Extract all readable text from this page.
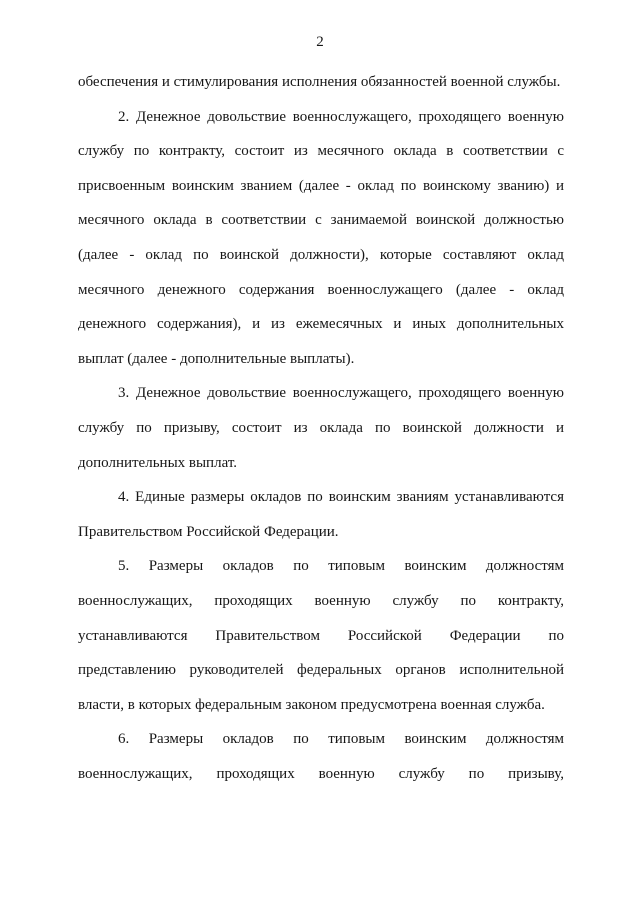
2
обеспечения и стимулирования исполнения обязанностей военной службы.
2. Денежное довольствие военнослужащего, проходящего военную
службу по контракту, состоит из месячного оклада в соответствии с
присвоенным воинским званием (далее - оклад по воинскому званию) и
месячного оклада в соответствии с занимаемой воинской должностью
(далее - оклад по воинской должности), которые составляют оклад
месячного денежного содержания военнослужащего (далее - оклад
денежного содержания), и из ежемесячных и иных дополнительных
выплат (далее - дополнительные выплаты).
3. Денежное довольствие военнослужащего, проходящего военную
службу по призыву, состоит из оклада по воинской должности и
дополнительных выплат.
4. Единые размеры окладов по воинским званиям устанавливаются
Правительством Российской Федерации.
5. Размеры окладов по типовым воинским должностям
военнослужащих, проходящих военную службу по контракту,
устанавливаются Правительством Российской Федерации по
представлению руководителей федеральных органов исполнительной
власти, в которых федеральным законом предусмотрена военная служба.
6. Размеры окладов по типовым воинским должностям
военнослужащих, проходящих военную службу по призыву,
